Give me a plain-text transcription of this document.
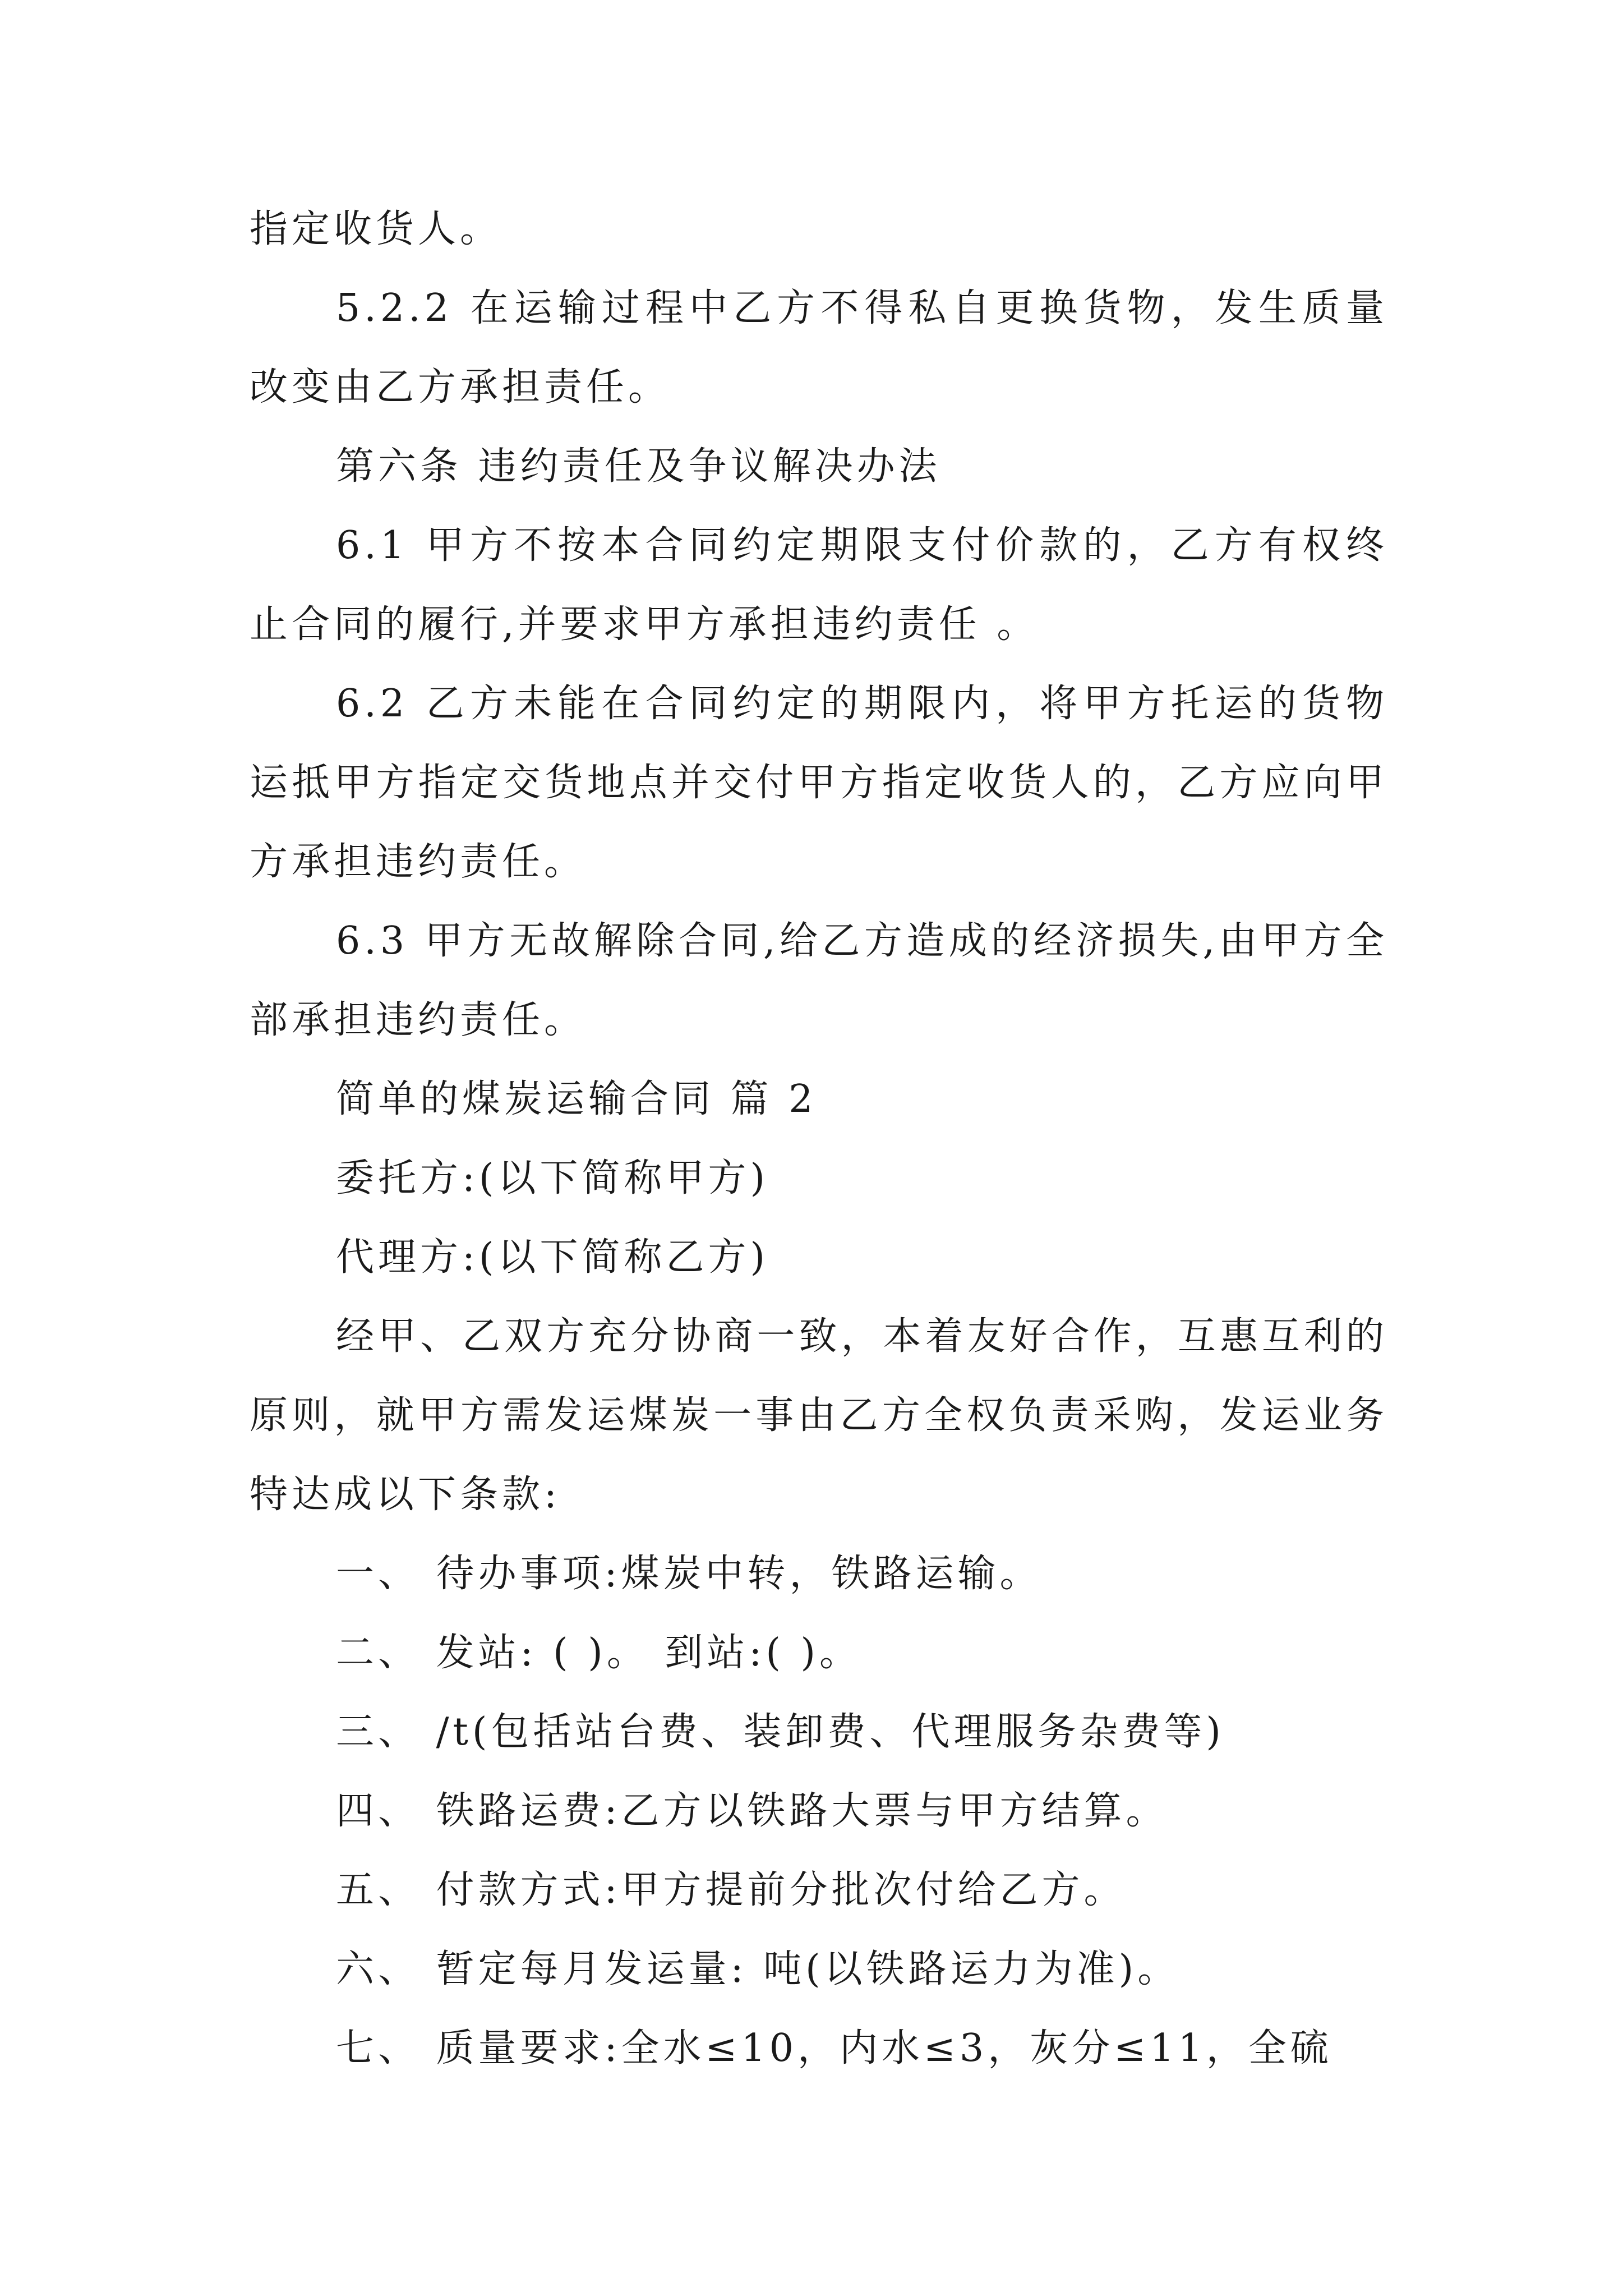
指定收货人。

5.2.2 在运输过程中乙方不得私自更换货物，发生质量改变由乙方承担责任。

第六条 违约责任及争议解决办法

6.1 甲方不按本合同约定期限支付价款的，乙方有权终止合同的履行,并要求甲方承担违约责任 。

6.2 乙方未能在合同约定的期限内，将甲方托运的货物运抵甲方指定交货地点并交付甲方指定收货人的，乙方应向甲方承担违约责任。

6.3 甲方无故解除合同,给乙方造成的经济损失,由甲方全部承担违约责任。

简单的煤炭运输合同 篇 2

委托方:(以下简称甲方)

代理方:(以下简称乙方)

经甲、乙双方充分协商一致，本着友好合作，互惠互利的原则，就甲方需发运煤炭一事由乙方全权负责采购，发运业务特达成以下条款:

一、 待办事项:煤炭中转，铁路运输。

二、 发站: ( )。 到站:( )。

三、 /t(包括站台费、装卸费、代理服务杂费等)

四、 铁路运费:乙方以铁路大票与甲方结算。

五、 付款方式:甲方提前分批次付给乙方。

六、 暂定每月发运量: 吨(以铁路运力为准)。

七、 质量要求:全水≤10，内水≤3，灰分≤11，全硫
